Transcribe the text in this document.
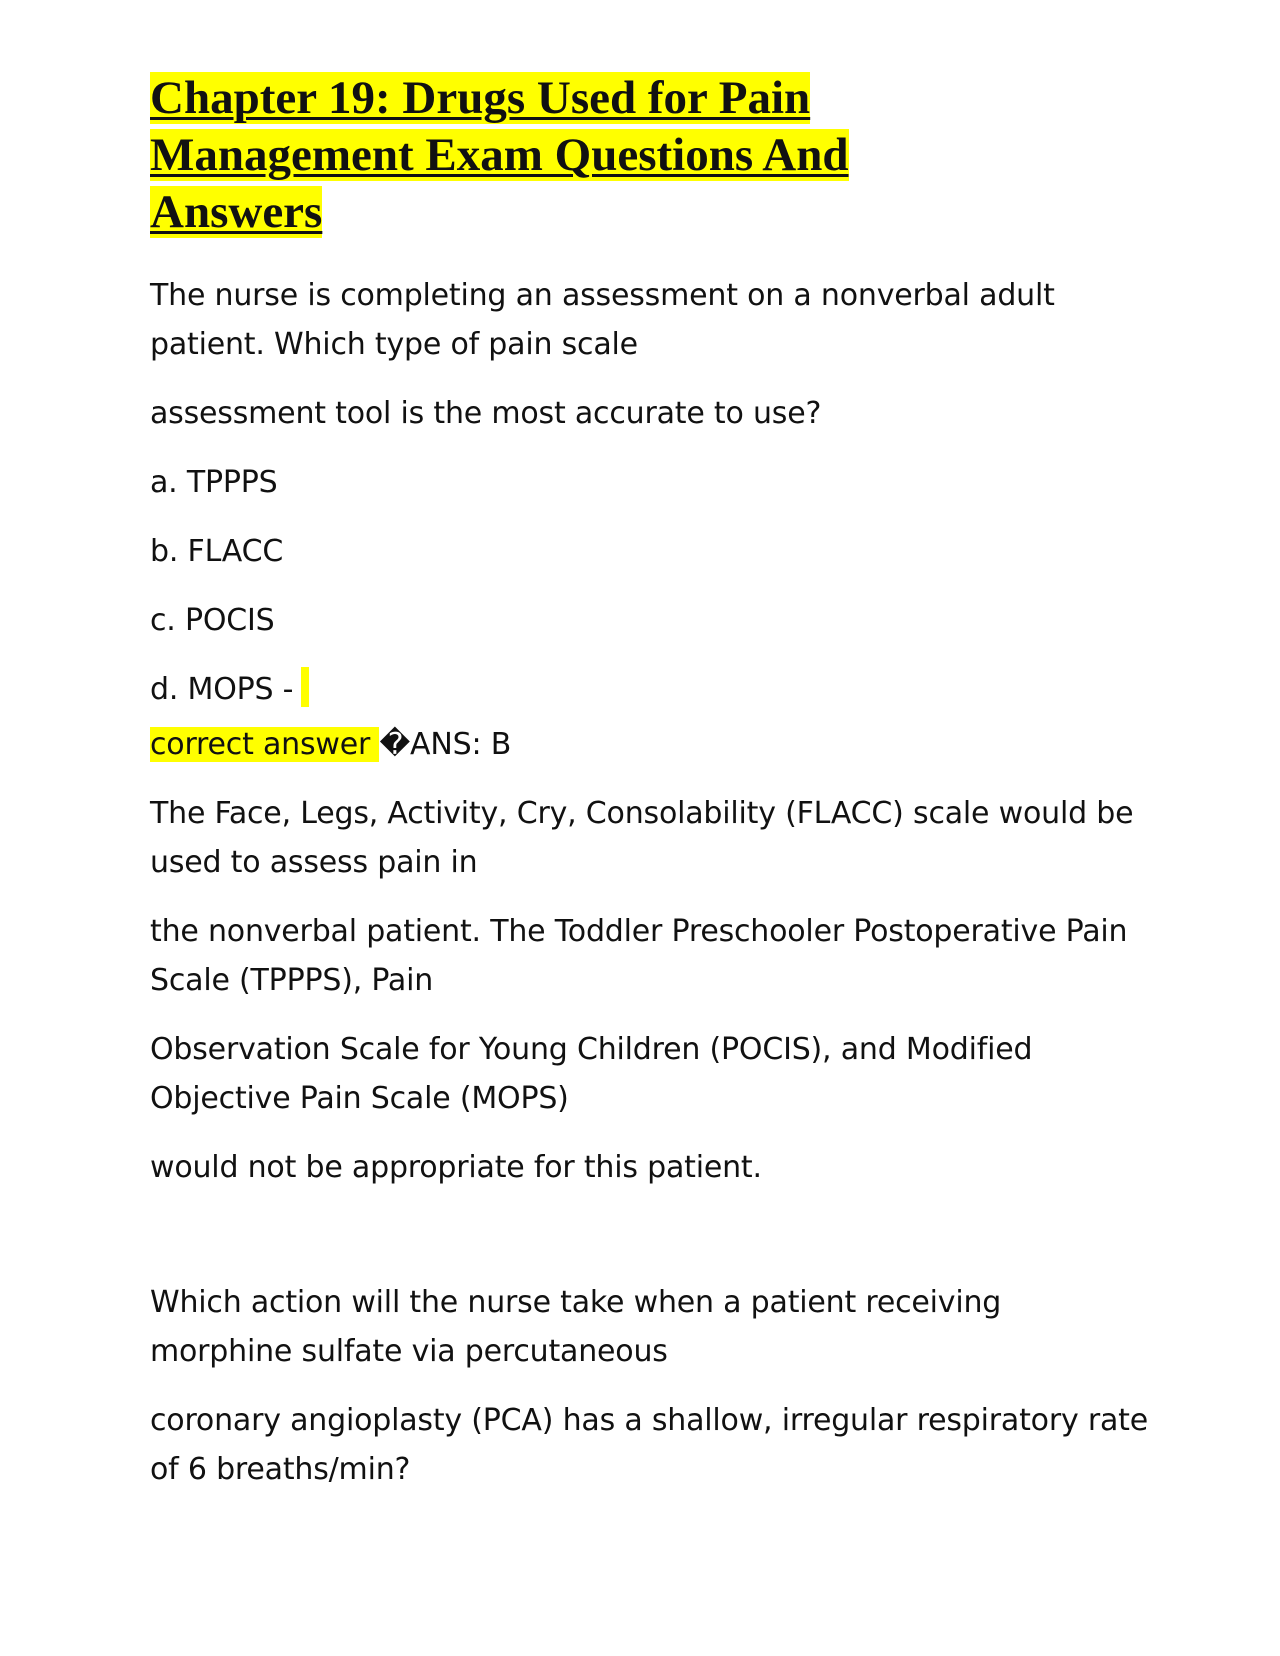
Chapter 19: Drugs Used for Pain Management Exam Questions And Answers

The nurse is completing an assessment on a nonverbal adult patient. Which type of pain scale

assessment tool is the most accurate to use?

a. TPPPS

b. FLACC

c. POCIS

d. MOPS -

correct answer �ANS: B

The Face, Legs, Activity, Cry, Consolability (FLACC) scale would be used to assess pain in

the nonverbal patient. The Toddler Preschooler Postoperative Pain Scale (TPPPS), Pain

Observation Scale for Young Children (POCIS), and Modified Objective Pain Scale (MOPS)

would not be appropriate for this patient.

Which action will the nurse take when a patient receiving morphine sulfate via percutaneous

coronary angioplasty (PCA) has a shallow, irregular respiratory rate of 6 breaths/min?
